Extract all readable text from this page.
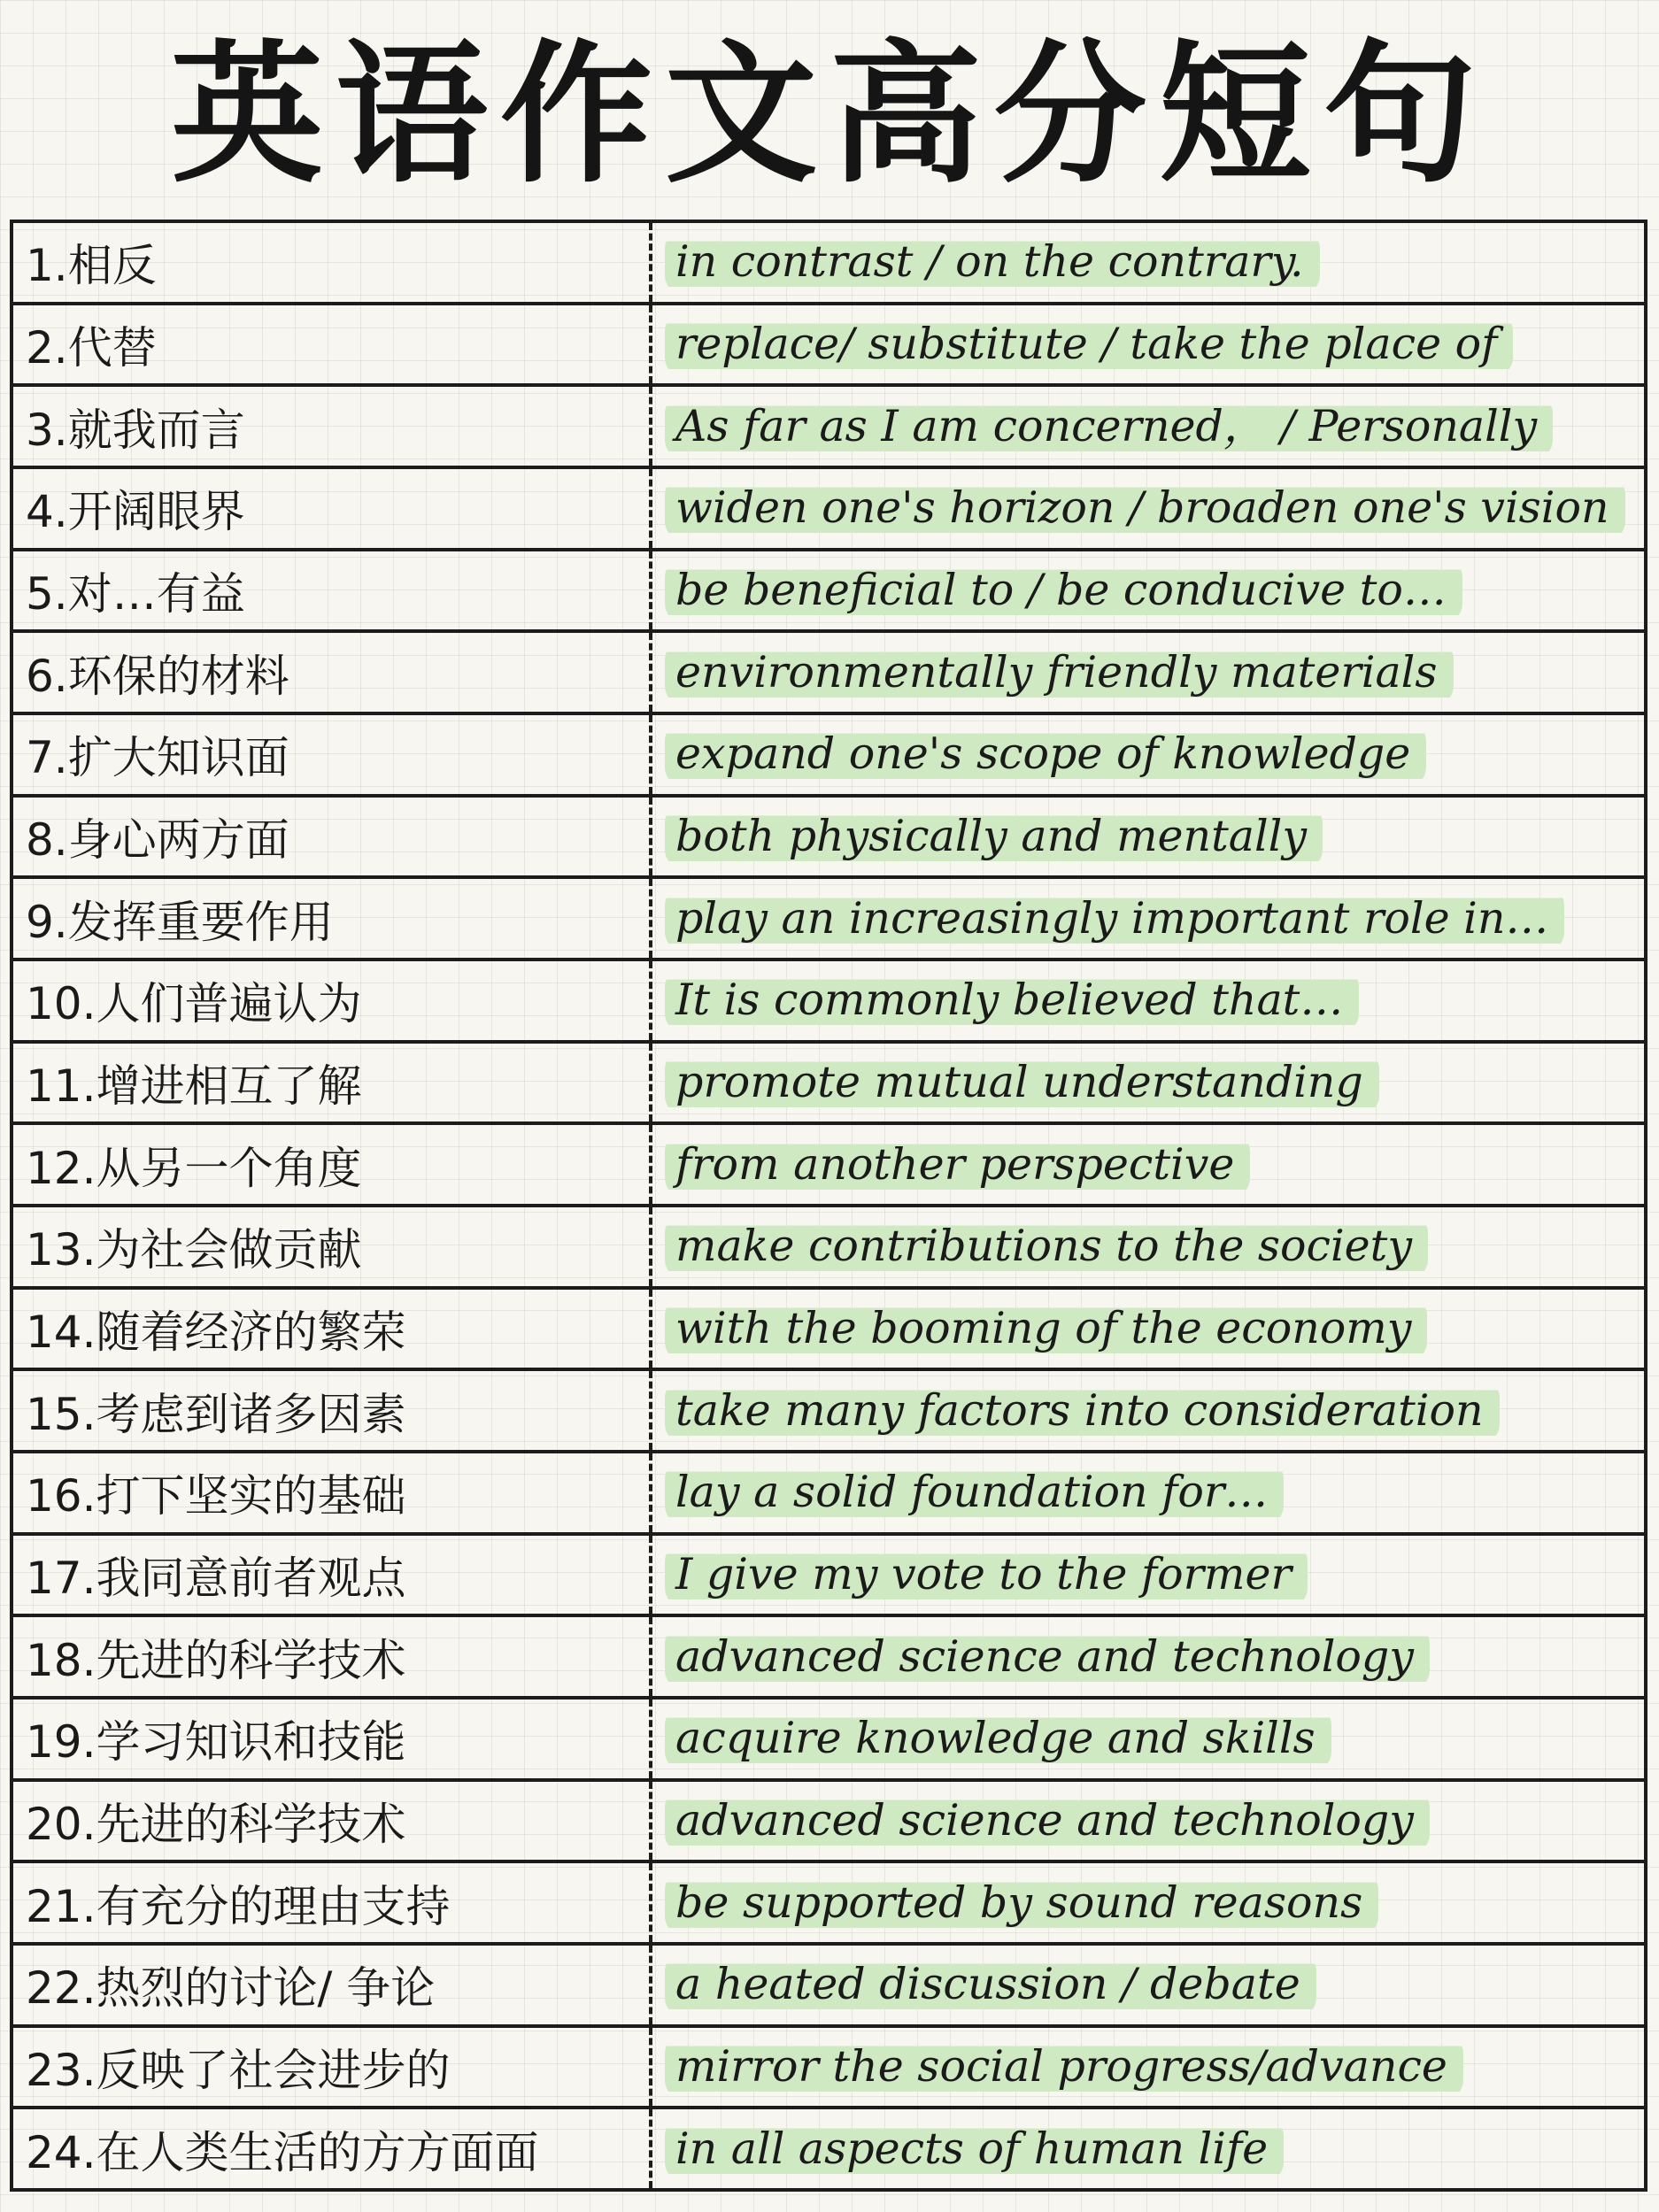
英语作文高分短句
1.相反	in contrast / on the contrary.
2.代替	replace/ substitute / take the place of
3.就我而言	As far as I am concerned， / Personally
4.开阔眼界	widen one's horizon / broaden one's vision
5.对…有益	be beneficial to / be conducive to…
6.环保的材料	environmentally friendly materials
7.扩大知识面	expand one's scope of knowledge
8.身心两方面	both physically and mentally
9.发挥重要作用	play an increasingly important role in…
10.人们普遍认为	It is commonly believed that…
11.增进相互了解	promote mutual understanding
12.从另一个角度	from another perspective
13.为社会做贡献	make contributions to the society
14.随着经济的繁荣	with the booming of the economy
15.考虑到诸多因素	take many factors into consideration
16.打下坚实的基础	lay a solid foundation for…
17.我同意前者观点	I give my vote to the former
18.先进的科学技术	advanced science and technology
19.学习知识和技能	acquire knowledge and skills
20.先进的科学技术	advanced science and technology
21.有充分的理由支持	be supported by sound reasons
22.热烈的讨论/ 争论	a heated discussion / debate
23.反映了社会进步的	mirror the social progress/advance
24.在人类生活的方方面面	in all aspects of human life
